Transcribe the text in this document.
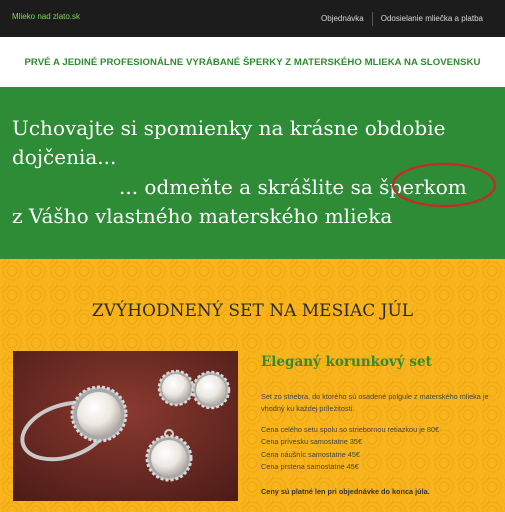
Mlieko nad zlato.sk	Objednávka	Odosielanie mliečka a platba
PRVÉ A JEDINÉ PROFESIONÁLNE VYRÁBANÉ ŠPERKY Z MATERSKÉHO MLIEKA NA SLOVENSKU
Uchovajte si spomienky na krásne obdobie
dojčenia...
... odmeňte a skrášlite sa šperkom
z Vášho vlastného materského mlieka
ZVÝHODNENÝ SET NA MESIAC JÚL
Eleganý korunkový set
Set zo striebra, do ktorého sú osadené polgule z materského mlieka je vhodný ku každej príležitosti.
Cena celého setu spolu so striebornou retiazkou je 80€
Cena prívesku samostatne 35€
Cena náušníc samostatne 45€
Cena prstena samostatne 45€
Ceny sú platné len pri objednávke do konca júla.
